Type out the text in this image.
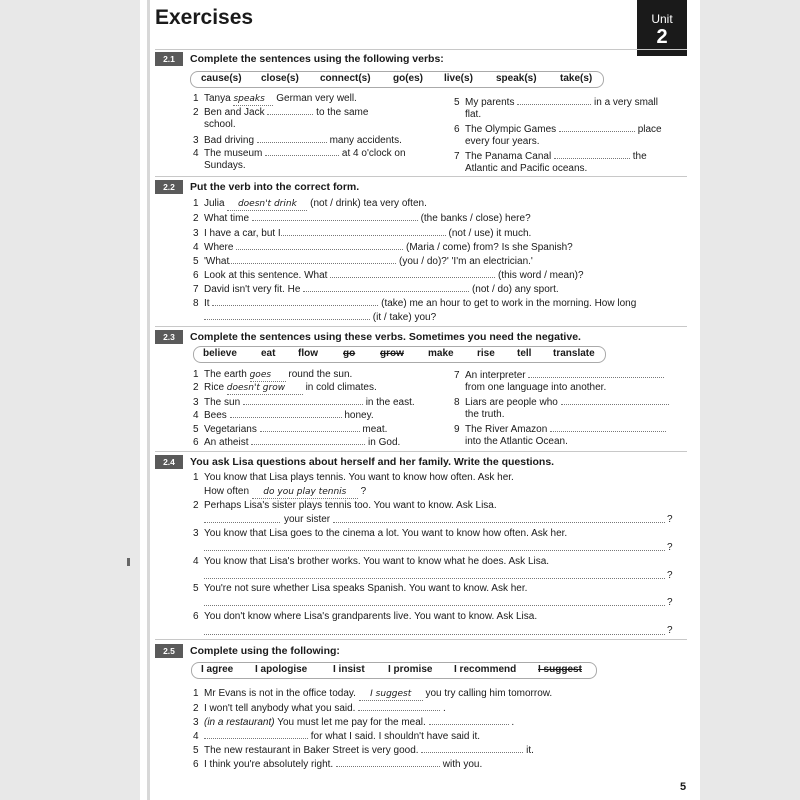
Exercises	Unit
2
2.1 Complete the sentences using the following verbs:
cause(s) close(s) connect(s) go(es) live(s) speak(s) take(s)
1 Tanya speaks German very well.
2 Ben and Jack	to the same
school.
3 Bad driving	many accidents.
4 The museum	at 4 o'clock on
Sundays.
5 My parents	in a very small
flat.
6 The Olympic Games	place
every four years.
7 The Panama Canal	the
Atlantic and Pacific oceans.
2.2 Put the verb into the correct form.
1 Julia doesn't drink (not / drink) tea very often.
2 What time	(the banks / close) here?
3 I have a car, but I	(not / use) it much.
4 Where	(Maria / come) from? Is she Spanish?
5 'What	(you / do)?' 'I'm an electrician.'
6 Look at this sentence. What	(this word / mean)?
7 David isn't very fit. He	(not / do) any sport.
8 It	(take) me an hour to get to work in the morning. How long
(it / take) you?
2.3 Complete the sentences using these verbs. Sometimes you need the negative.
believe eat flow	go grow make rise tell translate
1 The earth goes round the sun.
2 Rice doesn't grow in cold climates.
3 The sun	in the east.
4 Bees	honey.
5 Vegetarians	meat.
6 An atheist	in God.
7 An interpreter
from one language into another.
8 Liars are people who
the truth.
9 The River Amazon
into the Atlantic Ocean.
2.4 You ask Lisa questions about herself and her family. Write the questions.
1 You know that Lisa plays tennis. You want to know how often. Ask her.
How often do you play tennis ?
2 Perhaps Lisa's sister plays tennis too. You want to know. Ask Lisa.
your sister	?
3 You know that Lisa goes to the cinema a lot. You want to know how often. Ask her.
?
4 You know that Lisa's brother works. You want to know what he does. Ask Lisa.
?
5 You're not sure whether Lisa speaks Spanish. You want to know. Ask her.
?
6 You don't know where Lisa's grandparents live. You want to know. Ask Lisa.
?
2.5 Complete using the following:
I agree I apologise	I insist I promise I recommend I suggest
1 Mr Evans is not in the office today. I suggest you try calling him tomorrow.
2 I won't tell anybody what you said.	.
3 (in a restaurant) You must let me pay for the meal.	.
4	for what I said. I shouldn't have said it.
5 The new restaurant in Baker Street is very good.	it.
6 I think you're absolutely right.	with you.
5
